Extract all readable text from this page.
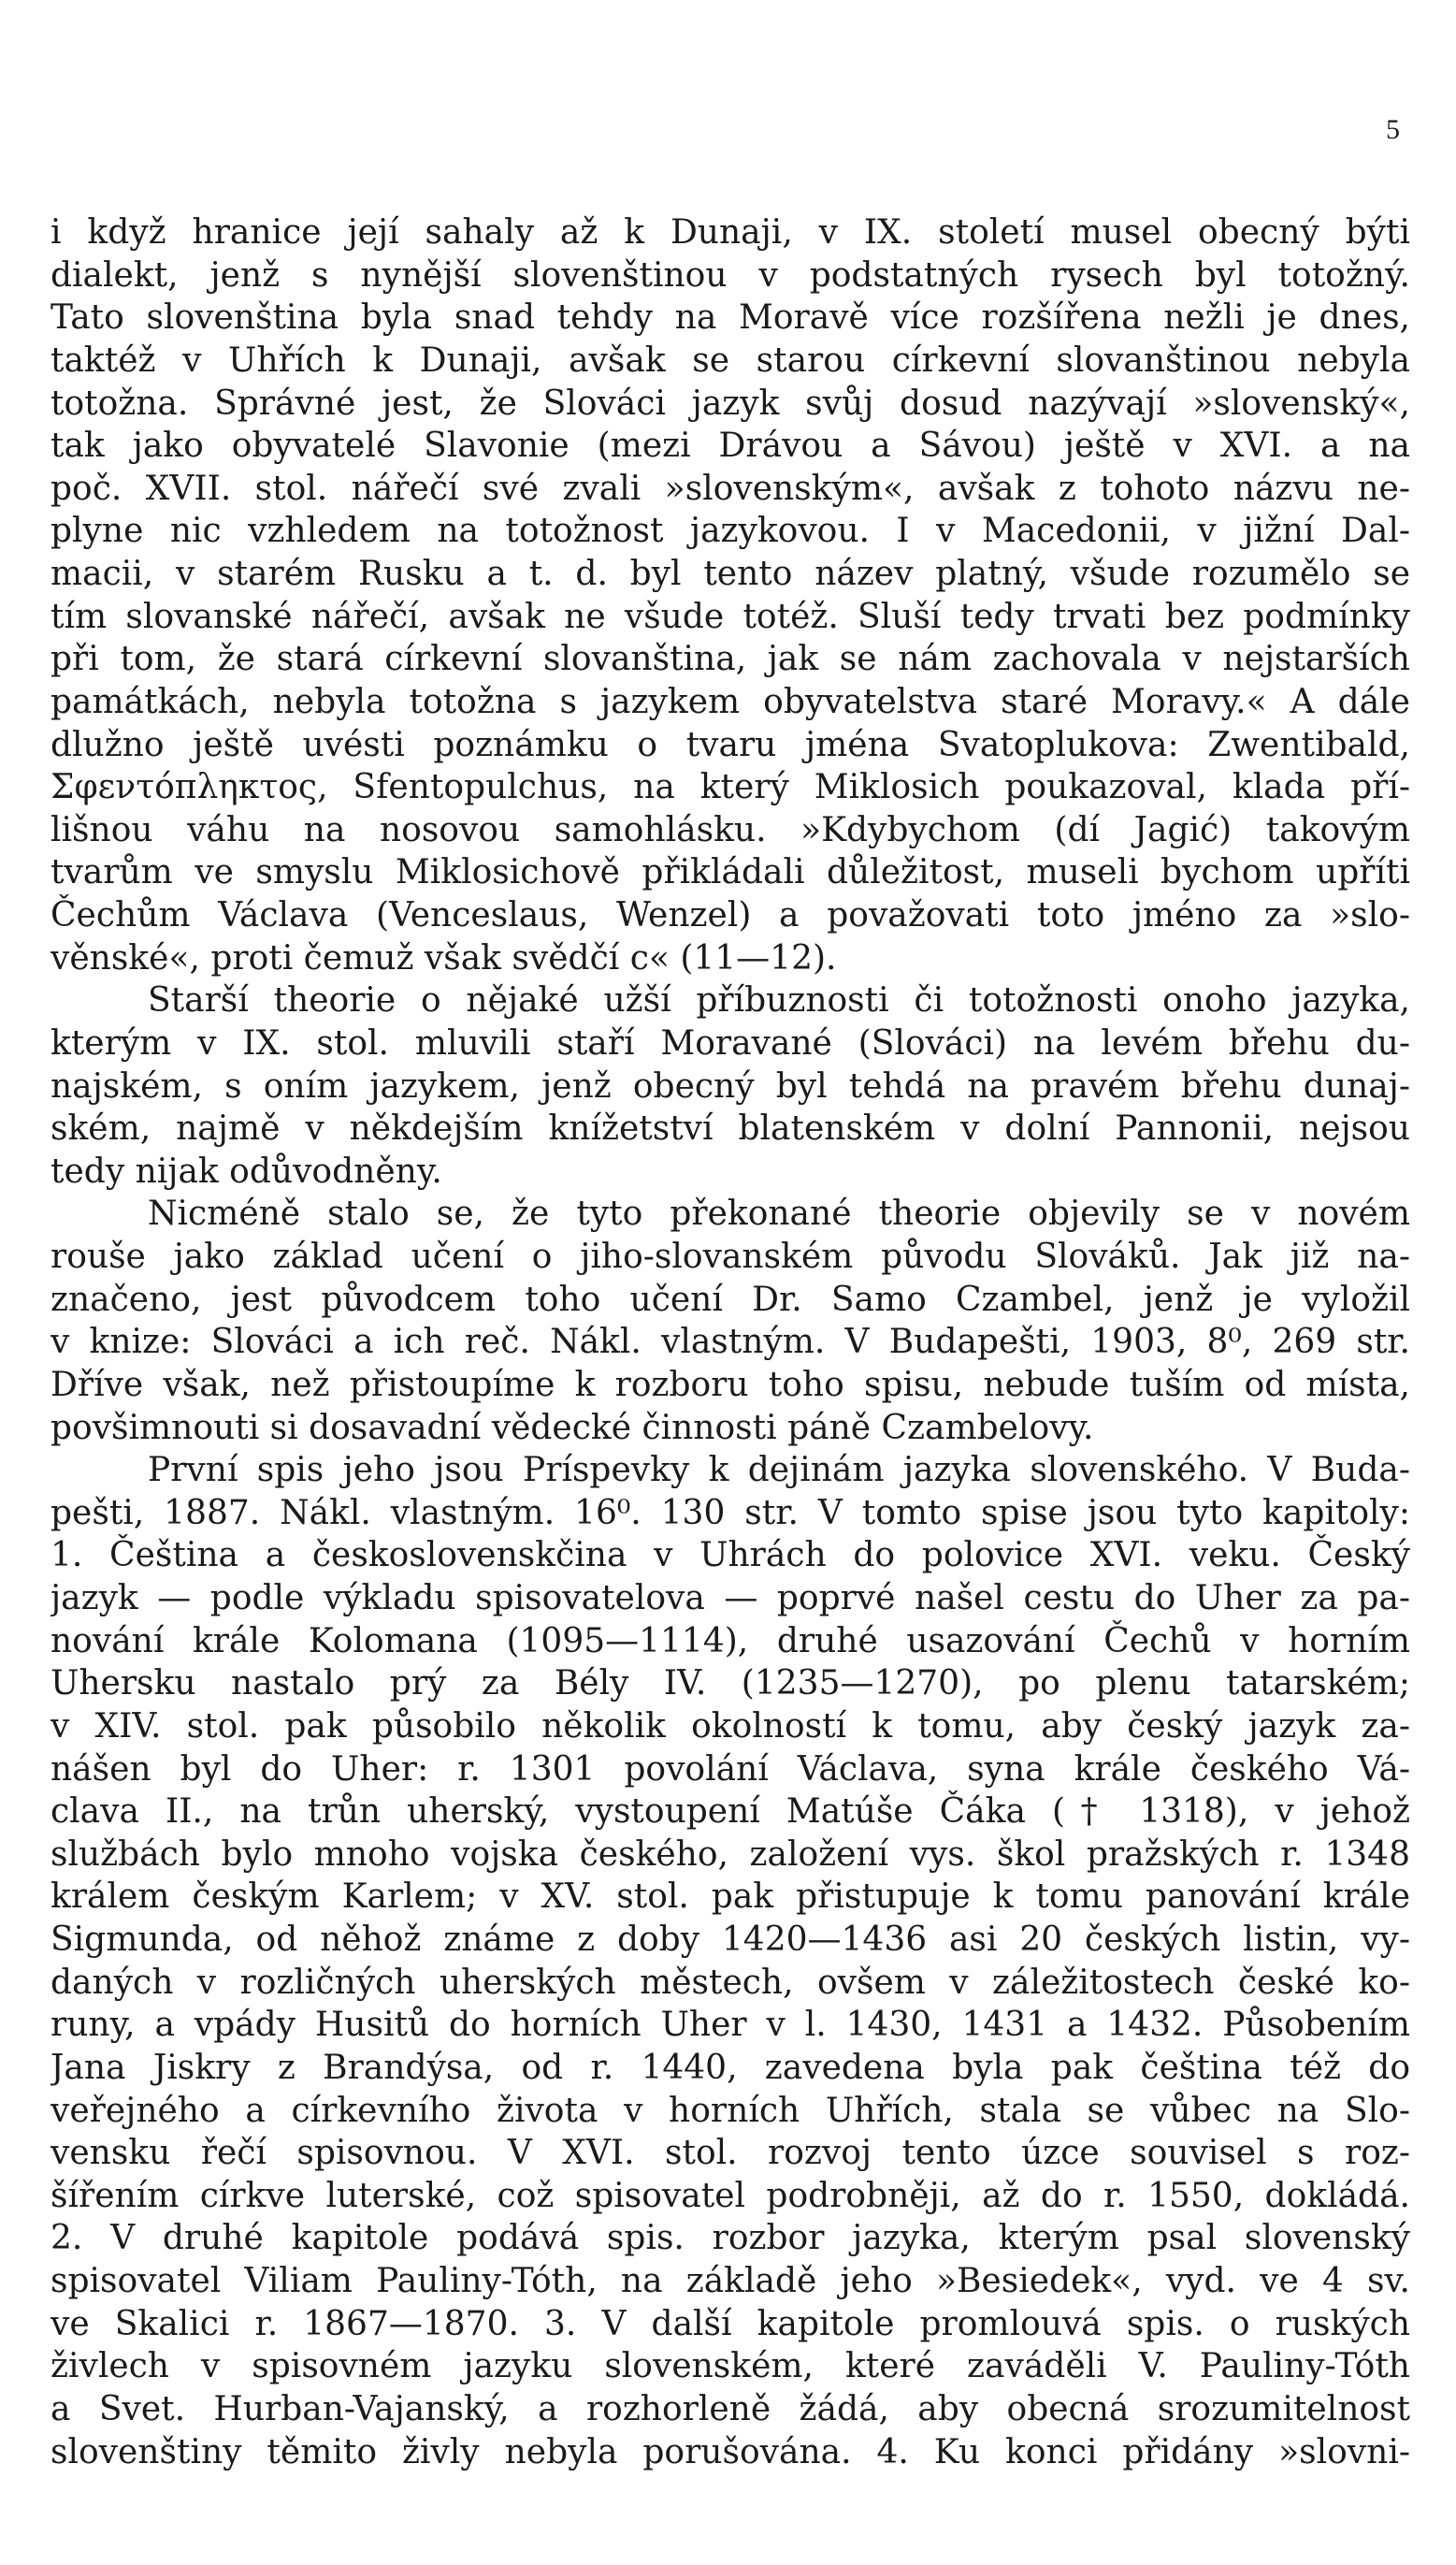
5
i když hranice její sahaly až k Dunaji, v IX. století musel obecný býti
dialekt, jenž s nynější slovenštinou v podstatných rysech byl totožný.
Tato slovenština byla snad tehdy na Moravě více rozšířena nežli je dnes,
taktéž v Uhřích k Dunaji, avšak se starou církevní slovanštinou nebyla
totožna. Správné jest, že Slováci jazyk svůj dosud nazývají »slovenský«,
tak jako obyvatelé Slavonie (mezi Drávou a Sávou) ještě v XVI. a na
poč. XVII. stol. nářečí své zvali »slovenským«, avšak z tohoto názvu ne-
plyne nic vzhledem na totožnost jazykovou. I v Macedonii, v jižní Dal-
macii, v starém Rusku a t. d. byl tento název platný, všude rozumělo se
tím slovanské nářečí, avšak ne všude totéž. Sluší tedy trvati bez podmínky
při tom, že stará církevní slovanština, jak se nám zachovala v nejstarších
památkách, nebyla totožna s jazykem obyvatelstva staré Moravy.« A dále
dlužno ještě uvésti poznámku o tvaru jména Svatoplukova: Zwentibald,
Σφεντόπληκτος, Sfentopulchus, na který Miklosich poukazoval, klada pří-
lišnou váhu na nosovou samohlásku. »Kdybychom (dí Jagić) takovým
tvarům ve smyslu Miklosichově přikládali důležitost, museli bychom upříti
Čechům Václava (Venceslaus, Wenzel) a považovati toto jméno za »slo-
věnské«, proti čemuž však svědčí c« (11—12).
Starší theorie o nějaké užší příbuznosti či totožnosti onoho jazyka,
kterým v IX. stol. mluvili staří Moravané (Slováci) na levém břehu du-
najském, s oním jazykem, jenž obecný byl tehdá na pravém břehu dunaj-
ském, najmě v někdejším knížetství blatenském v dolní Pannonii, nejsou
tedy nijak odůvodněny.
Nicméně stalo se, že tyto překonané theorie objevily se v novém
rouše jako základ učení o jiho-slovanském původu Slováků. Jak již na-
značeno, jest původcem toho učení Dr. Samo Czambel, jenž je vyložil
v knize: Slováci a ich reč. Nákl. vlastným. V Budapešti, 1903, 8⁰, 269 str.
Dříve však, než přistoupíme k rozboru toho spisu, nebude tuším od místa,
povšimnouti si dosavadní vědecké činnosti páně Czambelovy.
První spis jeho jsou Príspevky k dejinám jazyka slovenského. V Buda-
pešti, 1887. Nákl. vlastným. 16⁰. 130 str. V tomto spise jsou tyto kapitoly:
1. Čeština a československčina v Uhrách do polovice XVI. veku. Český
jazyk — podle výkladu spisovatelova — poprvé našel cestu do Uher za pa-
nování krále Kolomana (1095—1114), druhé usazování Čechů v horním
Uhersku nastalo prý za Bély IV. (1235—1270), po plenu tatarském;
v XIV. stol. pak působilo několik okolností k tomu, aby český jazyk za-
nášen byl do Uher: r. 1301 povolání Václava, syna krále českého Vá-
clava II., na trůn uherský, vystoupení Matúše Čáka († 1318), v jehož
službách bylo mnoho vojska českého, založení vys. škol pražských r. 1348
králem českým Karlem; v XV. stol. pak přistupuje k tomu panování krále
Sigmunda, od něhož známe z doby 1420—1436 asi 20 českých listin, vy-
daných v rozličných uherských městech, ovšem v záležitostech české ko-
runy, a vpády Husitů do horních Uher v l. 1430, 1431 a 1432. Působením
Jana Jiskry z Brandýsa, od r. 1440, zavedena byla pak čeština též do
veřejného a církevního života v horních Uhřích, stala se vůbec na Slo-
vensku řečí spisovnou. V XVI. stol. rozvoj tento úzce souvisel s roz-
šířením církve luterské, což spisovatel podrobněji, až do r. 1550, dokládá.
2. V druhé kapitole podává spis. rozbor jazyka, kterým psal slovenský
spisovatel Viliam Pauliny-Tóth, na základě jeho »Besiedek«, vyd. ve 4 sv.
ve Skalici r. 1867—1870. 3. V další kapitole promlouvá spis. o ruských
živlech v spisovném jazyku slovenském, které zaváděli V. Pauliny-Tóth
a Svet. Hurban-Vajanský, a rozhorleně žádá, aby obecná srozumitelnost
slovenštiny těmito živly nebyla porušována. 4. Ku konci přidány »slovni-
